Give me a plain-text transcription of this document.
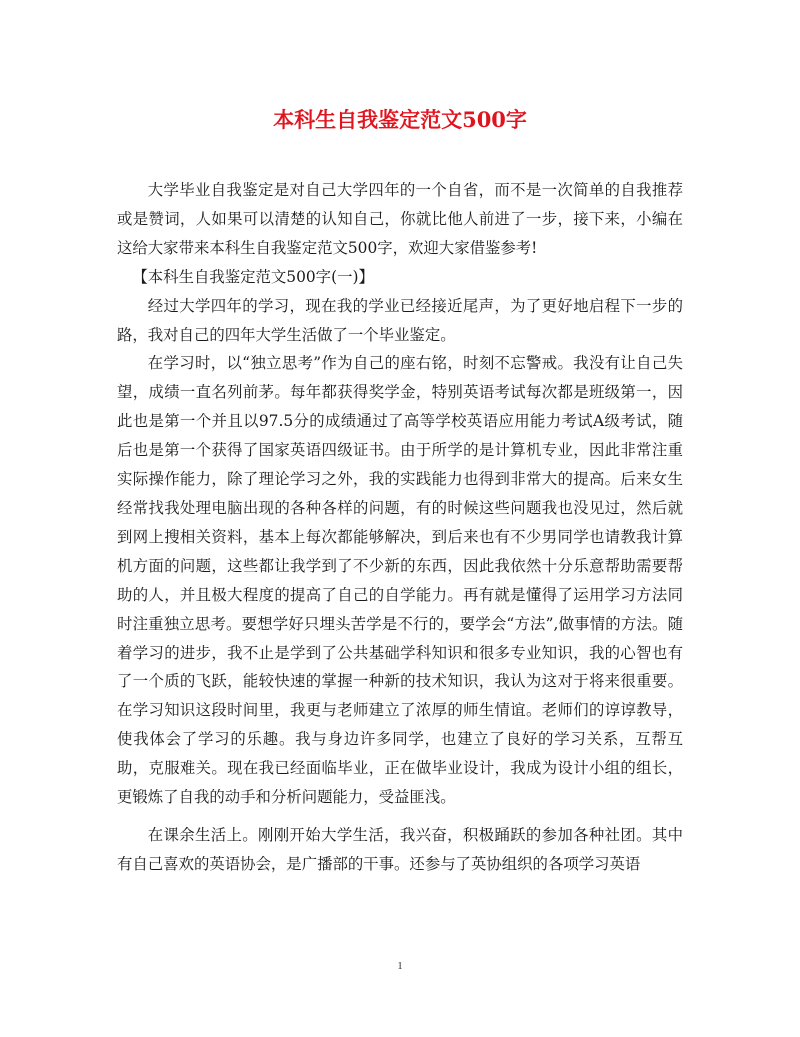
本科生自我鉴定范文500字

大学毕业自我鉴定是对自己大学四年的一个自省，而不是一次简单的自我推荐或是赞词，人如果可以清楚的认知自己，你就比他人前进了一步，接下来，小编在这给大家带来本科生自我鉴定范文500字，欢迎大家借鉴参考!

【本科生自我鉴定范文500字(一)】

经过大学四年的学习，现在我的学业已经接近尾声，为了更好地启程下一步的路，我对自己的四年大学生活做了一个毕业鉴定。

在学习时，以“独立思考”作为自己的座右铭，时刻不忘警戒。我没有让自己失望，成绩一直名列前茅。每年都获得奖学金，特别英语考试每次都是班级第一，因此也是第一个并且以97.5分的成绩通过了高等学校英语应用能力考试A级考试，随后也是第一个获得了国家英语四级证书。由于所学的是计算机专业，因此非常注重实际操作能力，除了理论学习之外，我的实践能力也得到非常大的提高。后来女生经常找我处理电脑出现的各种各样的问题，有的时候这些问题我也没见过，然后就到网上搜相关资料，基本上每次都能够解决，到后来也有不少男同学也请教我计算机方面的问题，这些都让我学到了不少新的东西，因此我依然十分乐意帮助需要帮助的人，并且极大程度的提高了自己的自学能力。再有就是懂得了运用学习方法同时注重独立思考。要想学好只埋头苦学是不行的，要学会“方法”,做事情的方法。随着学习的进步，我不止是学到了公共基础学科知识和很多专业知识，我的心智也有了一个质的飞跃，能较快速的掌握一种新的技术知识，我认为这对于将来很重要。在学习知识这段时间里，我更与老师建立了浓厚的师生情谊。老师们的谆谆教导，使我体会了学习的乐趣。我与身边许多同学，也建立了良好的学习关系，互帮互助，克服难关。现在我已经面临毕业，正在做毕业设计，我成为设计小组的组长，更锻炼了自我的动手和分析问题能力，受益匪浅。

在课余生活上。刚刚开始大学生活，我兴奋，积极踊跃的参加各种社团。其中有自己喜欢的英语协会，是广播部的干事。还参与了英协组织的各项学习英语

1
